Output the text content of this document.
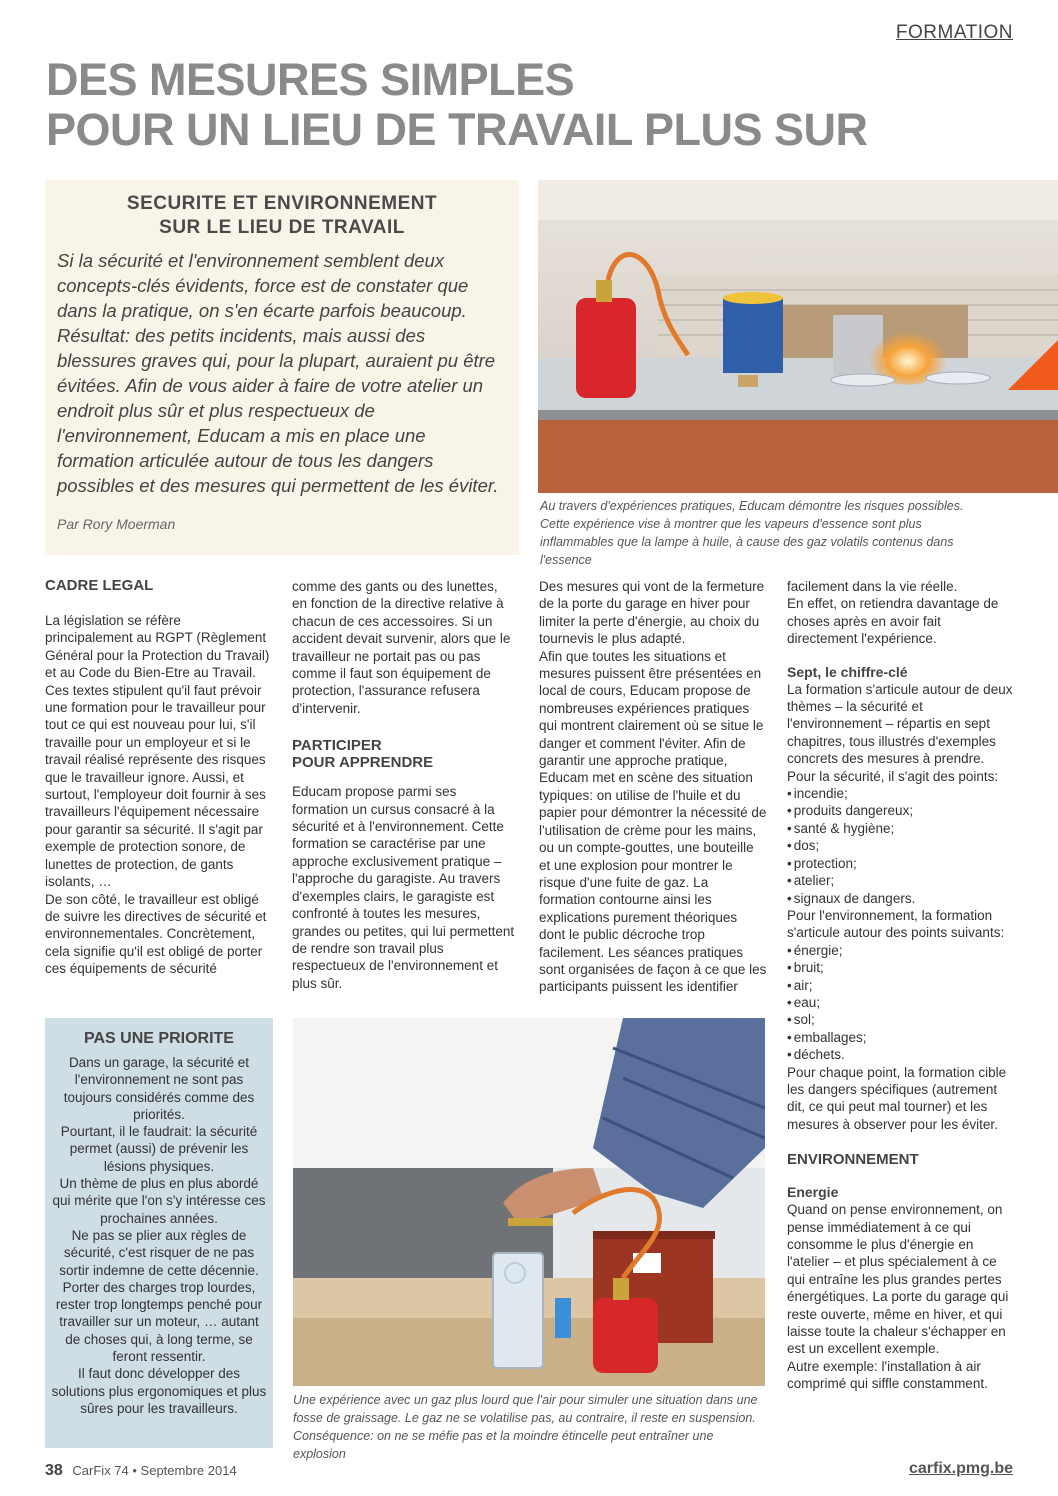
FORMATION
DES MESURES SIMPLES
POUR UN LIEU DE TRAVAIL PLUS SUR
SECURITE ET ENVIRONNEMENT
SUR LE LIEU DE TRAVAIL

Si la sécurité et l'environnement semblent deux concepts-clés évidents, force est de constater que dans la pratique, on s'en écarte parfois beaucoup. Résultat: des petits incidents, mais aussi des blessures graves qui, pour la plupart, auraient pu être évitées. Afin de vous aider à faire de votre atelier un endroit plus sûr et plus respectueux de l'environnement, Educam a mis en place une formation articulée autour de tous les dangers possibles et des mesures qui permettent de les éviter.

Par Rory Moerman

Au travers d'expériences pratiques, Educam démontre les risques possibles. Cette expérience vise à montrer que les vapeurs d'essence sont plus inflammables que la lampe à huile, à cause des gaz volatils contenus dans l'essence
CADRE LEGAL

La législation se réfère principalement au RGPT (Règlement Général pour la Protection du Travail) et au Code du Bien-Etre au Travail.

Ces textes stipulent qu'il faut prévoir une formation pour le travailleur pour tout ce qui est nouveau pour lui, s'il travaille pour un employeur et si le travail réalisé représente des risques que le travailleur ignore. Aussi, et surtout, l'employeur doit fournir à ses travailleurs l'équipement nécessaire pour garantir sa sécurité. Il s'agit par exemple de protection sonore, de lunettes de protection, de gants isolants, …

De son côté, le travailleur est obligé de suivre les directives de sécurité et environnementales. Concrètement, cela signifie qu'il est obligé de porter ces équipements de sécurité

comme des gants ou des lunettes, en fonction de la directive relative à chacun de ces accessoires. Si un accident devait survenir, alors que le travailleur ne portait pas ou pas comme il faut son équipement de protection, l'assurance refusera d'intervenir.

PARTICIPER
POUR APPRENDRE

Educam propose parmi ses formation un cursus consacré à la sécurité et à l'environnement. Cette formation se caractérise par une approche exclusivement pratique – l'approche du garagiste. Au travers d'exemples clairs, le garagiste est confronté à toutes les mesures, grandes ou petites, qui lui permettent de rendre son travail plus respectueux de l'environnement et plus sûr.

Des mesures qui vont de la fermeture de la porte du garage en hiver pour limiter la perte d'énergie, au choix du tournevis le plus adapté.

Afin que toutes les situations et mesures puissent être présentées en local de cours, Educam propose de nombreuses expériences pratiques qui montrent clairement où se situe le danger et comment l'éviter. Afin de garantir une approche pratique, Educam met en scène des situation typiques: on utilise de l'huile et du papier pour démontrer la nécessité de l'utilisation de crème pour les mains, ou un compte-gouttes, une bouteille et une explosion pour montrer le risque d'une fuite de gaz. La formation contourne ainsi les explications purement théoriques dont le public décroche trop facilement. Les séances pratiques sont organisées de façon à ce que les participants puissent les identifier

facilement dans la vie réelle.

En effet, on retiendra davantage de choses après en avoir fait directement l'expérience.

Sept, le chiffre-clé

La formation s'articule autour de deux thèmes – la sécurité et l'environnement – répartis en sept chapitres, tous illustrés d'exemples concrets des mesures à prendre.

Pour la sécurité, il s'agit des points:

• incendie;
• produits dangereux;
• santé & hygiène;
• dos;
• protection;
• atelier;
• signaux de dangers.

Pour l'environnement, la formation s'articule autour des points suivants:

• énergie;
• bruit;
• air;
• eau;
• sol;
• emballages;
• déchets.

Pour chaque point, la formation cible les dangers spécifiques (autrement dit, ce qui peut mal tourner) et les mesures à observer pour les éviter.

ENVIRONNEMENT
Energie

Quand on pense environnement, on pense immédiatement à ce qui consomme le plus d'énergie en l'atelier – et plus spécialement à ce qui entraîne les plus grandes pertes énergétiques. La porte du garage qui reste ouverte, même en hiver, et qui laisse toute la chaleur s'échapper en est un excellent exemple.

Autre exemple: l'installation à air comprimé qui siffle constamment.

PAS UNE PRIORITE

Dans un garage, la sécurité et l'environnement ne sont pas toujours considérés comme des priorités.

Pourtant, il le faudrait: la sécurité permet (aussi) de prévenir les lésions physiques.

Un thème de plus en plus abordé qui mérite que l'on s'y intéresse ces prochaines années.

Ne pas se plier aux règles de sécurité, c'est risquer de ne pas sortir indemne de cette décennie.

Porter des charges trop lourdes, rester trop longtemps penché pour travailler sur un moteur, … autant de choses qui, à long terme, se feront ressentir.

Il faut donc développer des solutions plus ergonomiques et plus sûres pour les travailleurs.

Une expérience avec un gaz plus lourd que l'air pour simuler une situation dans une fosse de graissage. Le gaz ne se volatilise pas, au contraire, il reste en suspension. Conséquence: on ne se méfie pas et la moindre étincelle peut entraîner une explosion
38 CarFix 74 • Septembre 2014	carfix.pmg.be
